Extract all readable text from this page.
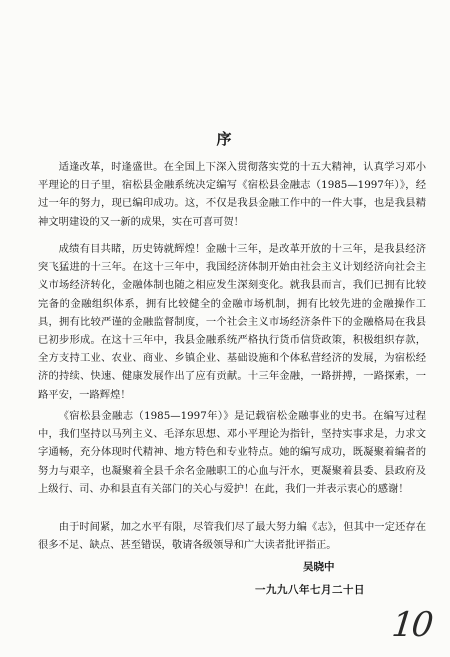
序

适逢改革，时逢盛世。在全国上下深入贯彻落实党的十五大精神，认真学习邓小平理论的日子里，宿松县金融系统决定编写《宿松县金融志（1985—1997年）》，经过一年的努力，现已编印成功。这，不仅是我县金融工作中的一件大事，也是我县精神文明建设的又一新的成果，实在可喜可贺！

成绩有目共睹，历史铸就辉煌！金融十三年，是改革开放的十三年，是我县经济突飞猛进的十三年。在这十三年中，我国经济体制开始由社会主义计划经济向社会主义市场经济转化，金融体制也随之相应发生深刻变化。就我县而言，我们已拥有比较完备的金融组织体系，拥有比较健全的金融市场机制，拥有比较先进的金融操作工具，拥有比较严谨的金融监督制度，一个社会主义市场经济条件下的金融格局在我县已初步形成。在这十三年中，我县金融系统严格执行货币信贷政策，积极组织存款，全方支持工业、农业、商业、乡镇企业、基础设施和个体私营经济的发展，为宿松经济的持续、快速、健康发展作出了应有贡献。十三年金融，一路拼搏，一路探索，一路平安，一路辉煌！

《宿松县金融志（1985—1997年）》是记载宿松金融事业的史书。在编写过程中，我们坚持以马列主义、毛泽东思想、邓小平理论为指针，坚持实事求是，力求文字通畅，充分体现时代精神、地方特色和专业特点。她的编写成功，既凝聚着编者的努力与艰辛，也凝聚着全县千余名金融职工的心血与汗水，更凝聚着县委、县政府及上级行、司、办和县直有关部门的关心与爱护！在此，我们一并表示衷心的感谢！

由于时间紧，加之水平有限，尽管我们尽了最大努力编《志》，但其中一定还存在很多不足、缺点、甚至错误，敬请各级领导和广大读者批评指正。

吴晓中
一九九八年七月二十日
10
